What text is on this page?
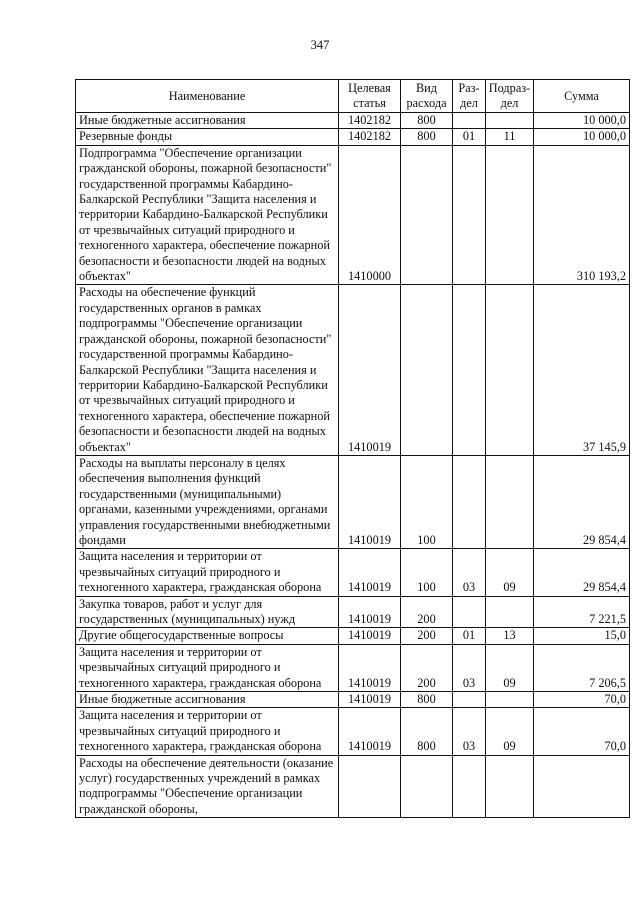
347
Наименование	Целевая статья	Вид расхода	Раз-дел	Подраз-дел	Сумма
Иные бюджетные ассигнования	1402182	800			10 000,0
Резервные фонды	1402182	800	01	11	10 000,0
Подпрограмма "Обеспечение организации гражданской обороны, пожарной безопасности" государственной программы Кабардино-Балкарской Республики "Защита населения и территории Кабардино-Балкарской Республики от чрезвычайных ситуаций природного и техногенного характера, обеспечение пожарной безопасности и безопасности людей на водных объектах"	1410000				310 193,2
Расходы на обеспечение функций государственных органов в рамках подпрограммы "Обеспечение организации гражданской обороны, пожарной безопасности" государственной программы Кабардино-Балкарской Республики "Защита населения и территории Кабардино-Балкарской Республики от чрезвычайных ситуаций природного и техногенного характера, обеспечение пожарной безопасности и безопасности людей на водных объектах"	1410019				37 145,9
Расходы на выплаты персоналу в целях обеспечения выполнения функций государственными (муниципальными) органами, казенными учреждениями, органами управления государственными внебюджетными фондами	1410019	100			29 854,4
Защита населения и территории от чрезвычайных ситуаций природного и техногенного характера, гражданская оборона	1410019	100	03	09	29 854,4
Закупка товаров, работ и услуг для государственных (муниципальных) нужд	1410019	200			7 221,5
Другие общегосударственные вопросы	1410019	200	01	13	15,0
Защита населения и территории от чрезвычайных ситуаций природного и техногенного характера, гражданская оборона	1410019	200	03	09	7 206,5
Иные бюджетные ассигнования	1410019	800			70,0
Защита населения и территории от чрезвычайных ситуаций природного и техногенного характера, гражданская оборона	1410019	800	03	09	70,0
Расходы на обеспечение деятельности (оказание услуг) государственных учреждений в рамках подпрограммы "Обеспечение организации гражданской обороны,					
